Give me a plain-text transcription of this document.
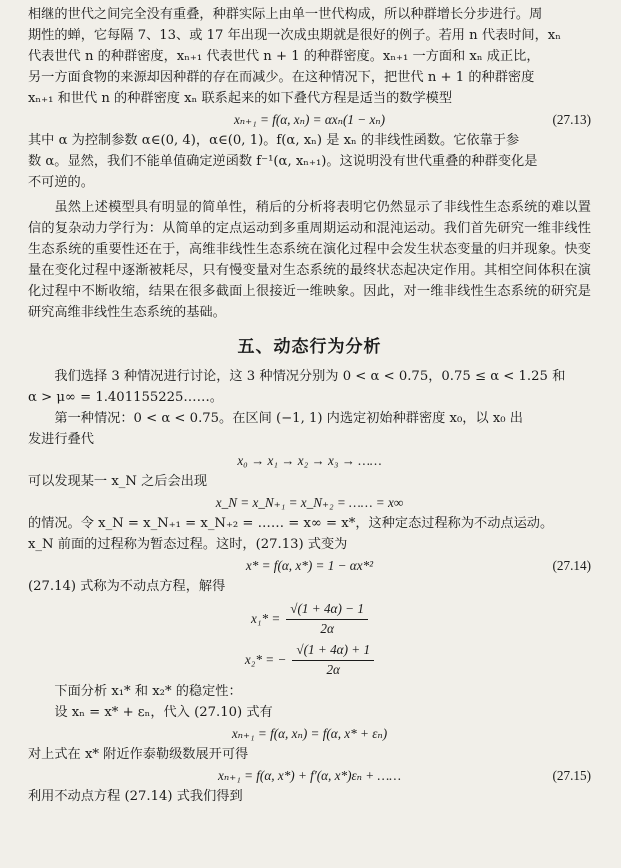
相继的世代之间完全没有重叠，种群实际上由单一世代构成，所以种群增长分步进行。周
期性的蝉，它每隔 7、13、或 17 年出现一次成虫期就是很好的例子。若用 n 代表时间，xₙ
代表世代 n 的种群密度，xₙ₊₁ 代表世代 n + 1 的种群密度。xₙ₊₁ 一方面和 xₙ 成正比，
另一方面食物的来源却因种群的存在而减少。在这种情况下，把世代 n + 1 的种群密度
xₙ₊₁ 和世代 n 的种群密度 xₙ 联系起来的如下叠代方程是适当的数学模型
xₙ₊₁ = f(α, xₙ) = αxₙ(1 − xₙ)	(27.13)
其中 α 为控制参数 α∈(0, 4)，α∈(0, 1)。f(α, xₙ) 是 xₙ 的非线性函数。它依靠于参
数 α。显然，我们不能单值确定逆函数 f⁻¹(α, xₙ₊₁)。这说明没有世代重叠的种群变化是
不可逆的。

虽然上述模型具有明显的简单性，稍后的分析将表明它仍然显示了非线性生态系统的难以置信的复杂动力学行为：从简单的定点运动到多重周期运动和混沌运动。我们首先研究一维非线性生态系统的重要性还在于，高维非线性生态系统在演化过程中会发生状态变量的归并现象。快变量在变化过程中逐渐被耗尽，只有慢变量对生态系统的最终状态起决定作用。其相空间体积在演化过程中不断收缩，结果在很多截面上很接近一维映象。因此，对一维非线性生态系统的研究是研究高维非线性生态系统的基础。

五、动态行为分析
我们选择 3 种情况进行讨论，这 3 种情况分别为 0 < α < 0.75，0.75 ≤ α < 1.25 和
α > μ∞ = 1.401155225……。
第一种情况：0 < α < 0.75。在区间 (−1, 1) 内选定初始种群密度 x₀，以 x₀ 出
发进行叠代
x₀ → x₁ → x₂ → x₃ → ……
可以发现某一 x_N 之后会出现
x_N = x_N₊₁ = x_N₊₂ = …… = x∞
的情况。令 x_N = x_N₊₁ = x_N₊₂ = …… = x∞ = x*，这种定态过程称为不动点运动。
x_N 前面的过程称为暂态过程。这时，(27.13) 式变为
x* = f(α, x*) = 1 − αx*²	(27.14)
(27.14) 式称为不动点方程，解得
$x_1* = \frac{√(1 + 4\alpha) - 1}{2\alpha}$
x₂* = − $\frac{√(1 + 4\alpha) + 1}{2\alpha}$
下面分析 x₁* 和 x₂* 的稳定性：
设 xₙ = x* + εₙ，代入 (27.10) 式有
xₙ₊₁ = f(α, xₙ) = f(α, x* + εₙ)
对上式在 x* 附近作泰勒级数展开可得
xₙ₊₁ = f(α, x*) + f′(α, x*)εₙ + ……	(27.15)
利用不动点方程 (27.14) 式我们得到
